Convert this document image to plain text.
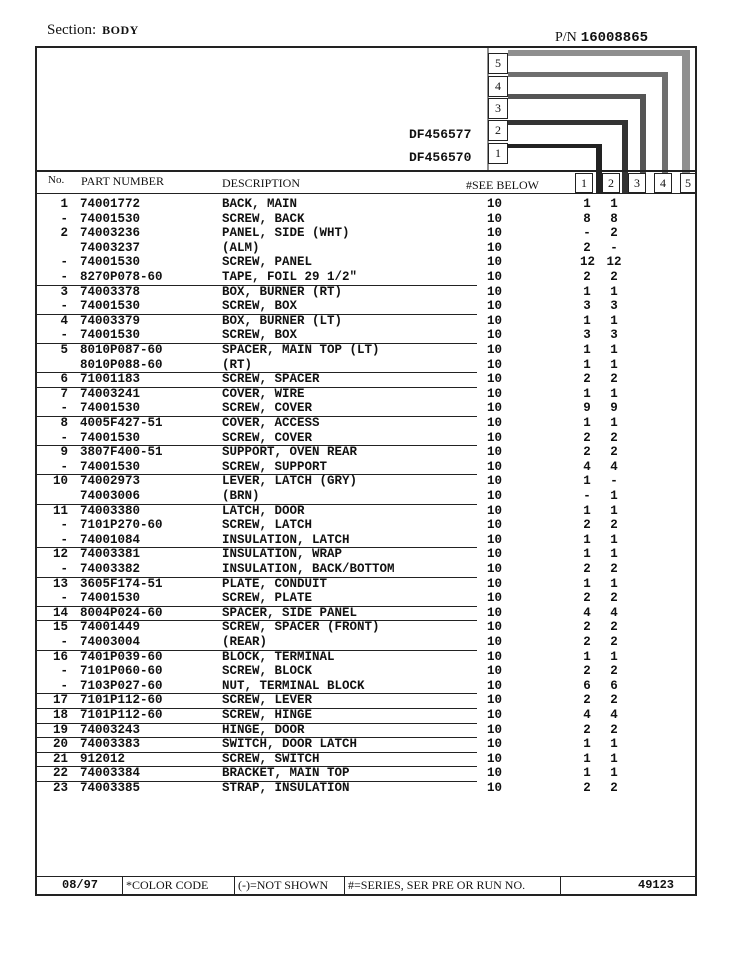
Section: BODY	P/N 16008865
5
4
3
2
1
DF456577
DF456570
No. PART NUMBER	DESCRIPTION	#SEE BELOW	1	2	3	4	5
1 74001772	BACK, MAIN	10	1	1
- 74001530	SCREW, BACK	10	8	8
2 74003236	PANEL, SIDE (WHT)	10	-	2
74003237	(ALM)	10	2	-
- 74001530	SCREW, PANEL	10	12 12
- 8270P078-60	TAPE, FOIL 29 1/2"	10	2	2
3 74003378	BOX, BURNER (RT)	10	1	1
- 74001530	SCREW, BOX	10	3	3
4 74003379	BOX, BURNER (LT)	10	1	1
- 74001530	SCREW, BOX	10	3	3
5 8010P087-60	SPACER, MAIN TOP (LT)	10	1	1
8010P088-60	(RT)	10	1	1
6 71001183	SCREW, SPACER	10	2	2
7 74003241	COVER, WIRE	10	1	1
- 74001530	SCREW, COVER	10	9	9
8 4005F427-51	COVER, ACCESS	10	1	1
- 74001530	SCREW, COVER	10	2	2
9 3807F400-51	SUPPORT, OVEN REAR	10	2	2
- 74001530	SCREW, SUPPORT	10	4	4
10 74002973	LEVER, LATCH (GRY)	10	1	-
74003006	(BRN)	10	-	1
11 74003380	LATCH, DOOR	10	1	1
- 7101P270-60	SCREW, LATCH	10	2	2
- 74001084	INSULATION, LATCH	10	1	1
12 74003381	INSULATION, WRAP	10	1	1
- 74003382	INSULATION, BACK/BOTTOM	10	2	2
13 3605F174-51	PLATE, CONDUIT	10	1	1
- 74001530	SCREW, PLATE	10	2	2
14 8004P024-60	SPACER, SIDE PANEL	10	4	4
15 74001449	SCREW, SPACER (FRONT)	10	2	2
- 74003004	(REAR)	10	2	2
16 7401P039-60	BLOCK, TERMINAL	10	1	1
- 7101P060-60	SCREW, BLOCK	10	2	2
- 7103P027-60	NUT, TERMINAL BLOCK	10	6	6
17 7101P112-60	SCREW, LEVER	10	2	2
18 7101P112-60	SCREW, HINGE	10	4	4
19 74003243	HINGE, DOOR	10	2	2
20 74003383	SWITCH, DOOR LATCH	10	1	1
21 912012	SCREW, SWITCH	10	1	1
22 74003384	BRACKET, MAIN TOP	10	1	1
23 74003385	STRAP, INSULATION	10	2	2
08/97 *COLOR CODE (-)=NOT SHOWN #=SERIES, SER PRE OR RUN NO.	49123
